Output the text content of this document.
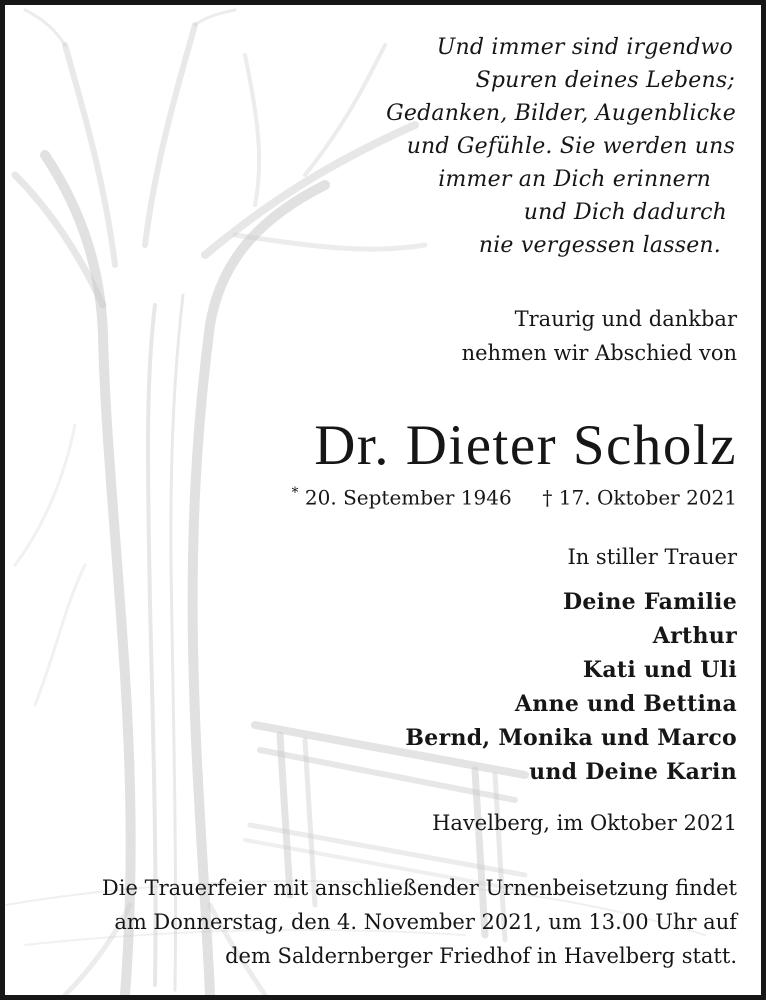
Und immer sind irgendwo
Spuren deines Lebens;
Gedanken, Bilder, Augenblicke
und Gefühle. Sie werden uns
immer an Dich erinnern
und Dich dadurch
nie vergessen lassen.
Traurig und dankbar
nehmen wir Abschied von
Dr. Dieter Scholz
* 20. September 1946 † 17. Oktober 2021
In stiller Trauer
Deine Familie
Arthur
Kati und Uli
Anne und Bettina
Bernd, Monika und Marco
und Deine Karin
Havelberg, im Oktober 2021
Die Trauerfeier mit anschließender Urnenbeisetzung findet
am Donnerstag, den 4. November 2021, um 13.00 Uhr auf
dem Saldernberger Friedhof in Havelberg statt.
